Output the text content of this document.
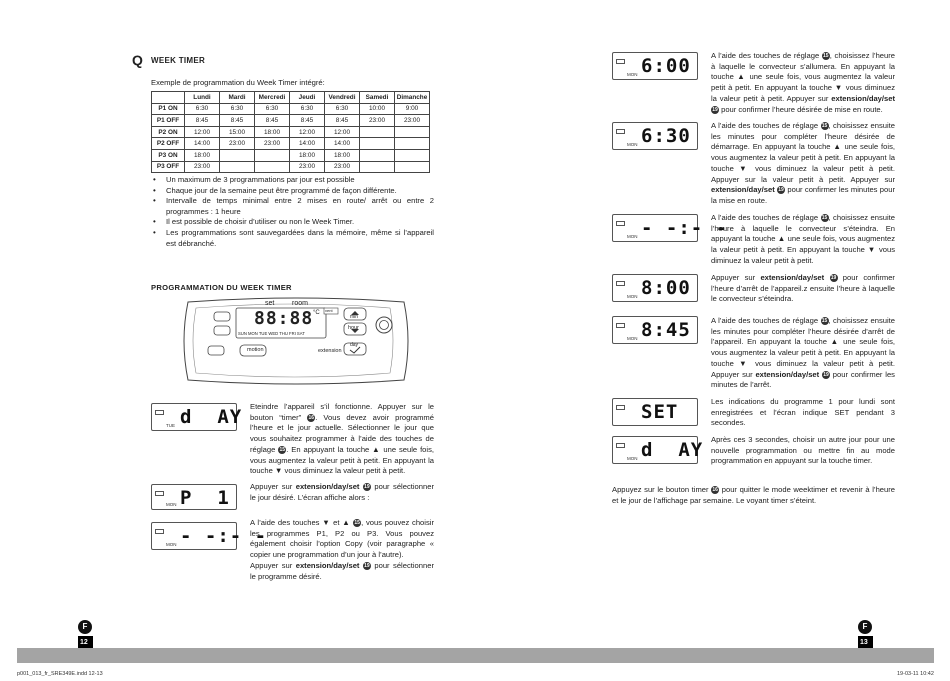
Q WEEK TIMER
Exemple de programmation du Week Timer intégré:
	Lundi	Mardi	Mercredi	Jeudi	Vendredi	Samedi	Dimanche
P1 ON	6:30	6:30	6:30	6:30	6:30	10:00	9:00
P1 OFF	8:45	8:45	8:45	8:45	8:45	23:00	23:00
P2 ON	12:00	15:00	18:00	12:00	12:00		
P2 OFF	14:00	23:00	23:00	14:00	14:00		
P3 ON	18:00			18:00	18:00		
P3 OFF	23:00			23:00	23:00		
• Un maximum de 3 programmations par jour est possible
• Chaque jour de la semaine peut être programmé de façon différente.
• Intervalle de temps minimal entre 2 mises en route/ arrêt ou entre 2 programmes : 1 heure
• Il est possible de choisir d’utiliser ou non le Week Timer.
• Les programmations sont sauvegardées dans la mémoire, même si l’appareil est débranché.
PROGRAMMATION DU WEEK TIMER
set	room
88:88 °C
SUN MON TUE WED THU FRI SAT
motion	extension
vent
min
hour
day
Appuyez sur le bouton timer 16 pour quitter le mode weektimer et revenir à l’heure et le jour de l’affichage par semaine. Le voyant timer s’éteint.
F	F
12	13
p001_013_fr_SRE349E.indd 12-13	19-03-11 10:42
d  AY
TUE
Eteindre l’appareil s’il fonctionne. Appuyer sur le bouton “timer” 16. Vous devez avoir programmé l’heure et le jour actuelle. Sélectionner le jour que vous souhaitez programmer à l’aide des touches de réglage 15. En appuyant la touche ▲ une seule fois, vous augmentez la valeur petit à petit. En appuyant la touche ▼ vous diminuez la valeur petit à petit.
P  1
MON
Appuyer sur extension/day/set 19 pour sélectionner le jour désiré. L’écran affiche alors :
- -:- -
MON
A l’aide des touches ▼ et ▲ 15, vous pouvez choisir les programmes P1, P2 ou P3. Vous pouvez également choisir l’option Copy (voir paragraphe « copier une programmation d’un jour à l’autre).
Appuyer sur extension/day/set 19 pour sélectionner le programme désiré.
6:00
MON
A l’aide des touches de réglage 15, choisissez l’heure à laquelle le convecteur s’allumera. En appuyant la touche ▲ une seule fois, vous augmentez la valeur petit à petit. En appuyant la touche ▼ vous diminuez la valeur petit à petit. Appuyer sur extension/day/set 19 pour confirmer l’heure désirée de mise en route.
6:30
MON
A l’aide des touches de réglage 15, choisissez ensuite les minutes pour compléter l’heure désirée de démarrage. En appuyant la touche ▲ une seule fois, vous augmentez la valeur petit à petit. En appuyant la touche ▼ vous diminuez la valeur petit à petit. Appuyer sur la valeur petit à petit. Appuyer sur extension/day/set 19 pour confirmer les minutes pour la mise en route.
- -:- -
MON
A l’aide des touches de réglage 15, choisissez ensuite l’heure à laquelle le convecteur s’éteindra. En appuyant la touche ▲ une seule fois, vous augmentez la valeur petit à petit. En appuyant la touche ▼ vous diminuez la valeur petit à petit.
8:00
MON
Appuyer sur extension/day/set 19 pour confirmer l’heure d’arrêt de l’appareil.z ensuite l’heure à laquelle le convecteur s’éteindra.
8:45
MON
A l’aide des touches de réglage 15, choisissez ensuite les minutes pour compléter l’heure désirée d’arrêt de l’appareil. En appuyant la touche ▲ une seule fois, vous augmentez la valeur petit à petit. En appuyant la touche ▼ vous diminuez la valeur petit à petit. Appuyer sur extension/day/set 19 pour confirmer les minutes de l’arrêt.
SET	Les indications du programme 1 pour lundi sont enregistrées et l’écran indique SET pendant 3 secondes.
d  AY
MON
Après ces 3 secondes, choisir un autre jour pour une nouvelle programmation ou mettre fin au mode programmation en appuyant sur la touche timer.
